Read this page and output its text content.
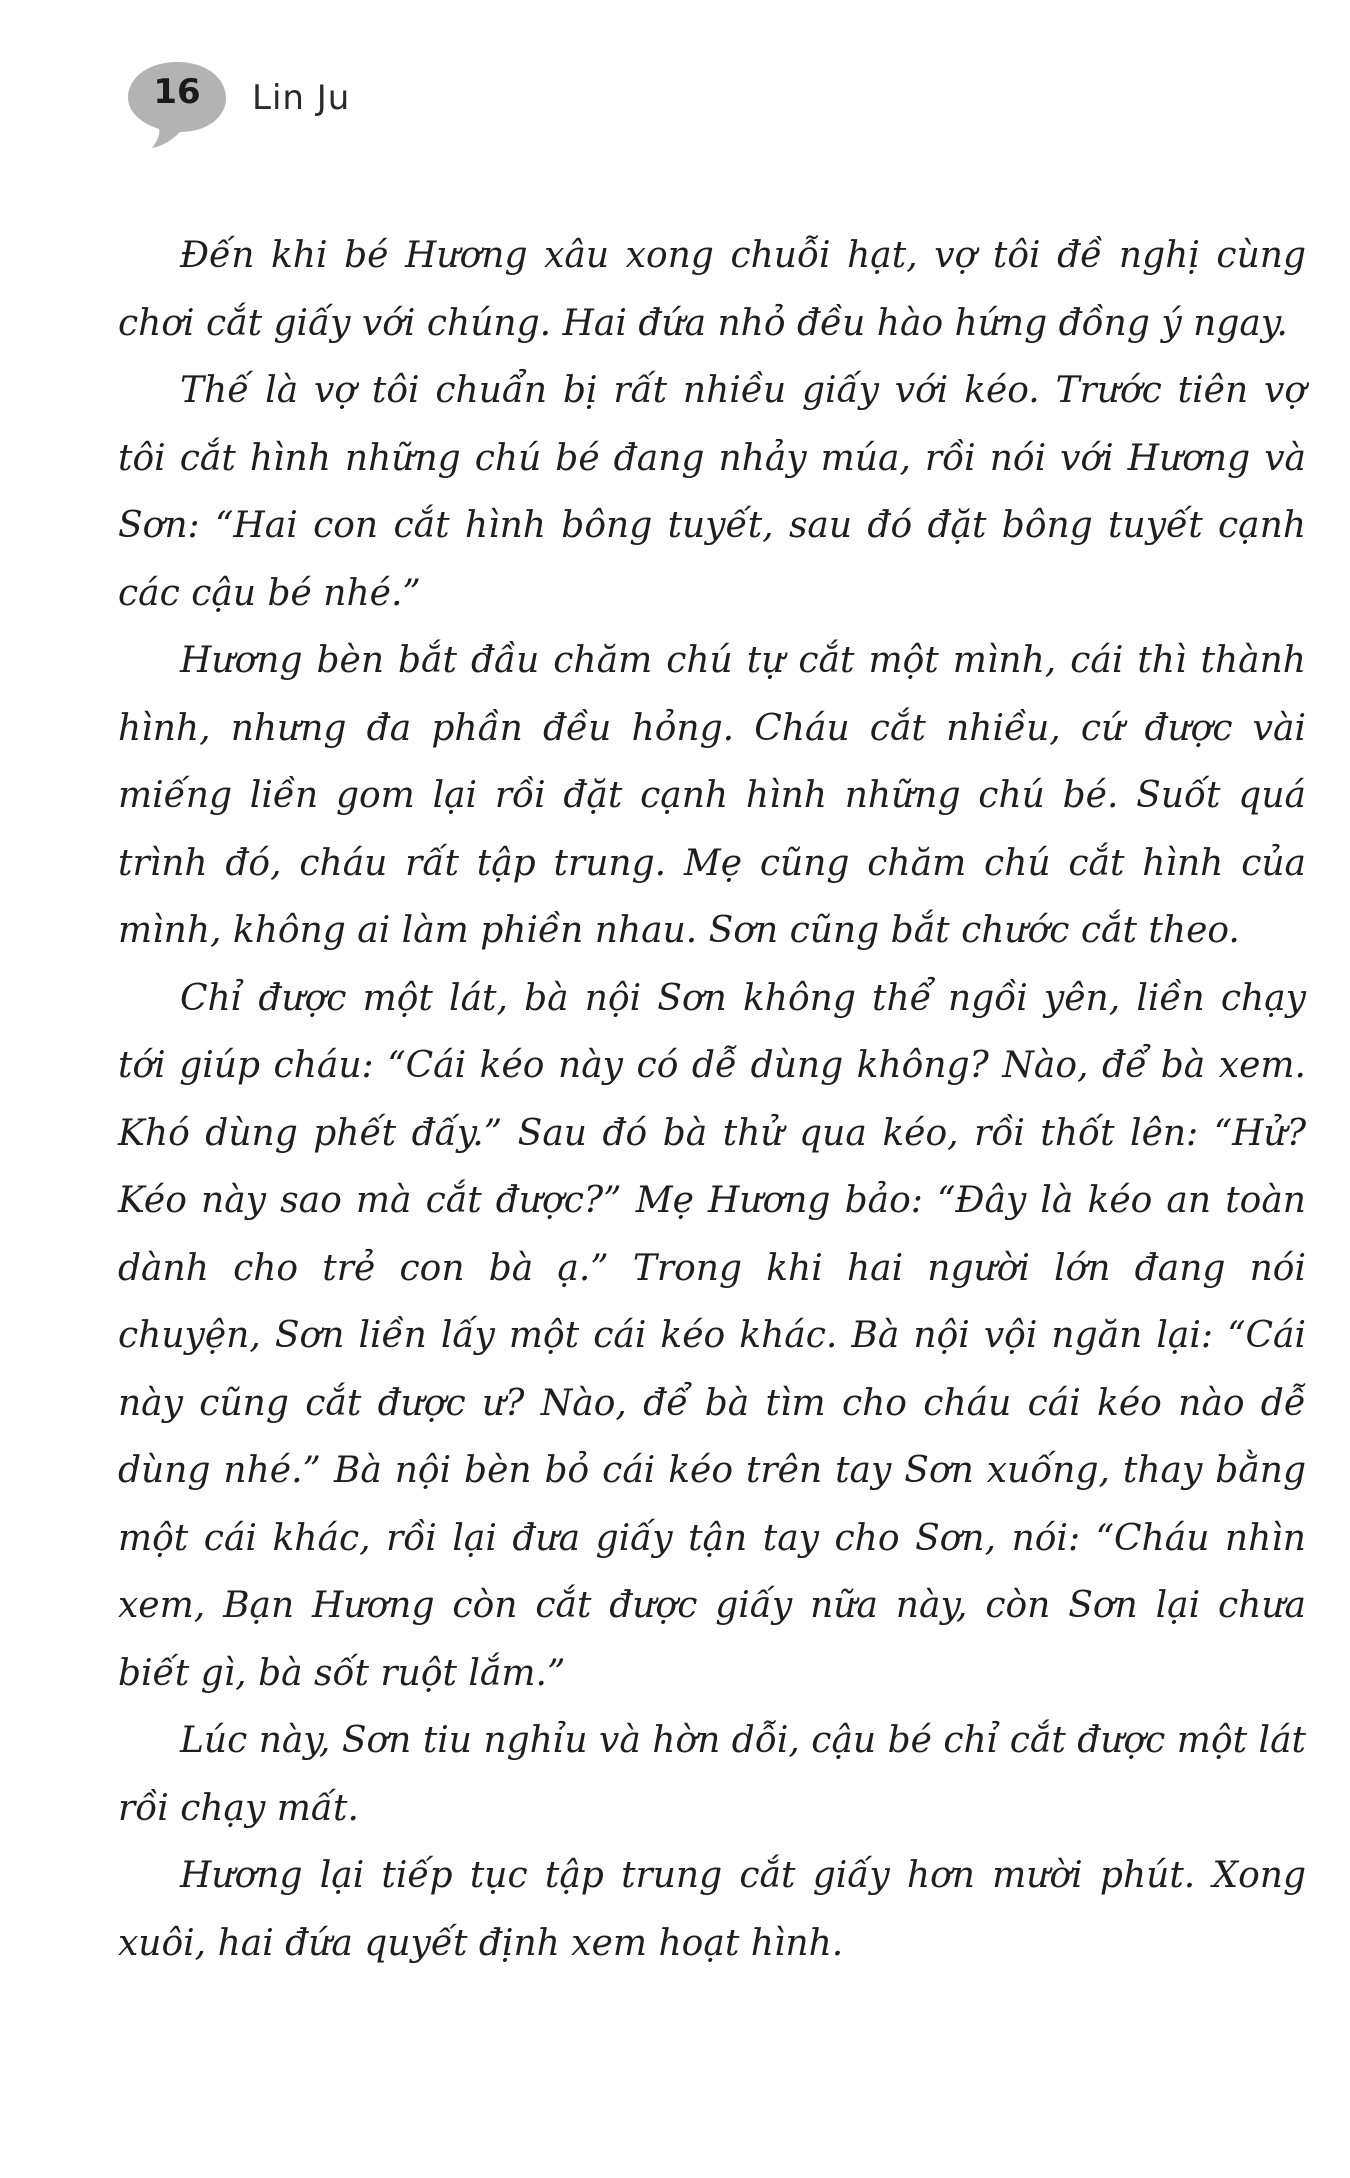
16	Lin Ju

Đến khi bé Hương xâu xong chuỗi hạt, vợ tôi đề nghị cùng chơi cắt giấy với chúng. Hai đứa nhỏ đều hào hứng đồng ý ngay.

Thế là vợ tôi chuẩn bị rất nhiều giấy với kéo. Trước tiên vợ tôi cắt hình những chú bé đang nhảy múa, rồi nói với Hương và Sơn: “Hai con cắt hình bông tuyết, sau đó đặt bông tuyết cạnh các cậu bé nhé.”

Hương bèn bắt đầu chăm chú tự cắt một mình, cái thì thành hình, nhưng đa phần đều hỏng. Cháu cắt nhiều, cứ được vài miếng liền gom lại rồi đặt cạnh hình những chú bé. Suốt quá trình đó, cháu rất tập trung. Mẹ cũng chăm chú cắt hình của mình, không ai làm phiền nhau. Sơn cũng bắt chước cắt theo.

Chỉ được một lát, bà nội Sơn không thể ngồi yên, liền chạy tới giúp cháu: “Cái kéo này có dễ dùng không? Nào, để bà xem. Khó dùng phết đấy.” Sau đó bà thử qua kéo, rồi thốt lên: “Hử? Kéo này sao mà cắt được?” Mẹ Hương bảo: “Đây là kéo an toàn dành cho trẻ con bà ạ.” Trong khi hai người lớn đang nói chuyện, Sơn liền lấy một cái kéo khác. Bà nội vội ngăn lại: “Cái này cũng cắt được ư? Nào, để bà tìm cho cháu cái kéo nào dễ dùng nhé.” Bà nội bèn bỏ cái kéo trên tay Sơn xuống, thay bằng một cái khác, rồi lại đưa giấy tận tay cho Sơn, nói: “Cháu nhìn xem, Bạn Hương còn cắt được giấy nữa này, còn Sơn lại chưa biết gì, bà sốt ruột lắm.”

Lúc này, Sơn tiu nghỉu và hờn dỗi, cậu bé chỉ cắt được một lát rồi chạy mất.

Hương lại tiếp tục tập trung cắt giấy hơn mười phút. Xong xuôi, hai đứa quyết định xem hoạt hình.
